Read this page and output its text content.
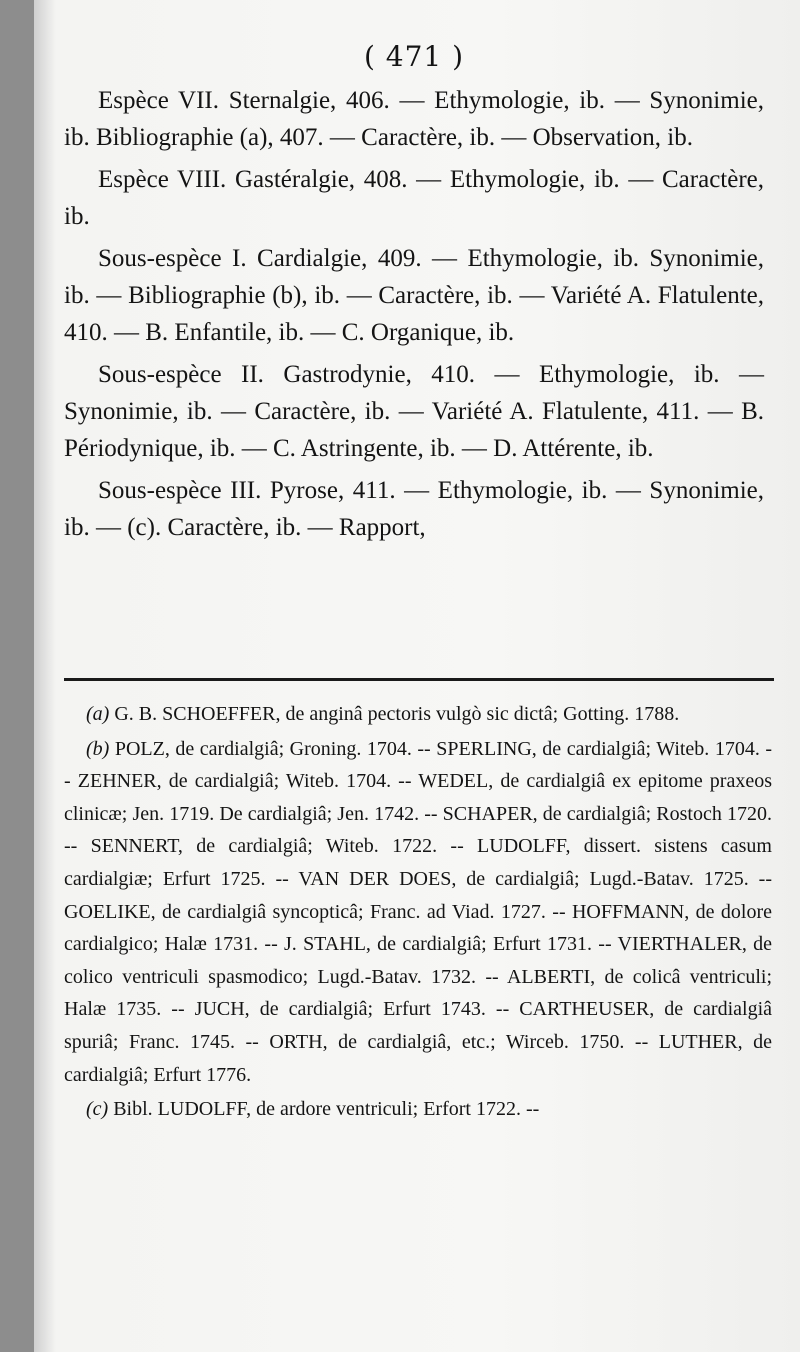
( 471 )

Espèce VII. Sternalgie, 406. — Ethymologie, ib. — Synonimie, ib. Bibliographie (a), 407. — Caractère, ib. — Observation, ib.

Espèce VIII. Gastéralgie, 408. — Ethymologie, ib. — Caractère, ib.

Sous-espèce I. Cardialgie, 409. — Ethymologie, ib. Synonimie, ib. — Bibliographie (b), ib. — Caractère, ib. — Variété A. Flatulente, 410. — B. Enfantile, ib. — C. Organique, ib.

Sous-espèce II. Gastrodynie, 410. — Ethymologie, ib. — Synonimie, ib. — Caractère, ib. — Variété A. Flatulente, 411. — B. Périodynique, ib. — C. Astringente, ib. — D. Attérente, ib.

Sous-espèce III. Pyrose, 411. — Ethymologie, ib. — Synonimie, ib. — (c). Caractère, ib. — Rapport,

(a) G. B. SCHOEFFER, de anginâ pectoris vulgò sic dictâ; Gotting. 1788.

(b) POLZ, de cardialgiâ; Groning. 1704. -- SPERLING, de cardialgiâ; Witeb. 1704. -- ZEHNER, de cardialgiâ; Witeb. 1704. -- WEDEL, de cardialgiâ ex epitome praxeos clinicæ; Jen. 1719. De cardialgiâ; Jen. 1742. -- SCHAPER, de cardialgiâ; Rostoch 1720. -- SENNERT, de cardialgiâ; Witeb. 1722. -- LUDOLFF, dissert. sistens casum cardialgiæ; Erfurt 1725. -- VAN DER DOES, de cardialgiâ; Lugd.-Batav. 1725. -- GOELIKE, de cardialgiâ syncopticâ; Franc. ad Viad. 1727. -- HOFFMANN, de dolore cardialgico; Halæ 1731. -- J. STAHL, de cardialgiâ; Erfurt 1731. -- VIERTHALER, de colico ventriculi spasmodico; Lugd.-Batav. 1732. -- ALBERTI, de colicâ ventriculi; Halæ 1735. -- JUCH, de cardialgiâ; Erfurt 1743. -- CARTHEUSER, de cardialgiâ spuriâ; Franc. 1745. -- ORTH, de cardialgiâ, etc.; Wirceb. 1750. -- LUTHER, de cardialgiâ; Erfurt 1776.

(c) Bibl. LUDOLFF, de ardore ventriculi; Erfort 1722. --
